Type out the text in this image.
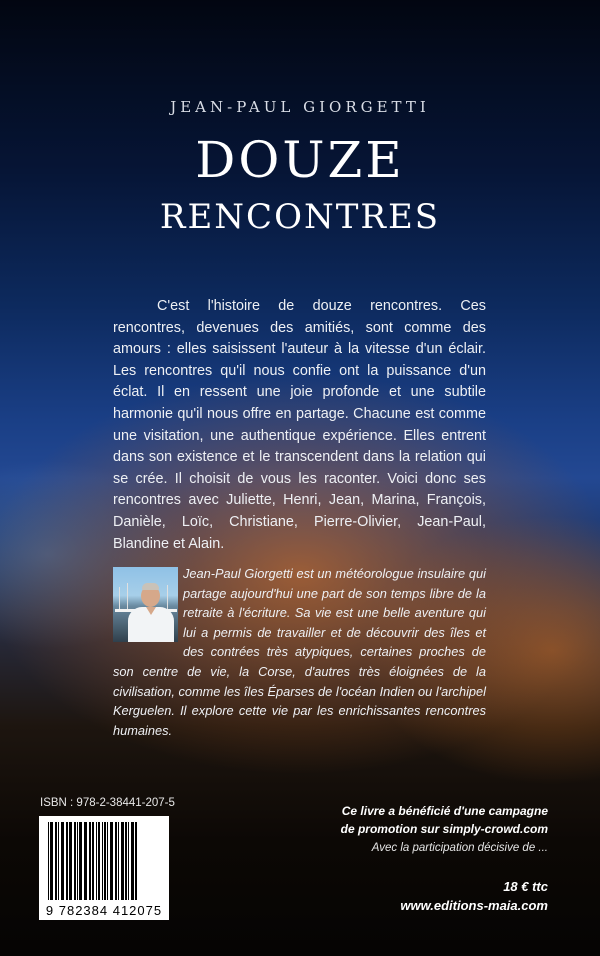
JEAN-PAUL GIORGETTI
DOUZE
RENCONTRES

C'est l'histoire de douze rencontres. Ces rencontres, devenues des amitiés, sont comme des amours : elles saisissent l'auteur à la vitesse d'un éclair. Les rencontres qu'il nous confie ont la puissance d'un éclat. Il en ressent une joie profonde et une subtile harmonie qu'il nous offre en partage. Chacune est comme une visitation, une authentique expérience. Elles entrent dans son existence et le transcendent dans la relation qui se crée. Il choisit de vous les raconter. Voici donc ses rencontres avec Juliette, Henri, Jean, Marina, François, Danièle, Loïc, Christiane, Pierre-Olivier, Jean-Paul, Blandine et Alain.

Jean-Paul Giorgetti est un météorologue insulaire qui partage aujourd'hui une part de son temps libre de la retraite à l'écriture. Sa vie est une belle aventure qui lui a permis de travailler et de découvrir des îles et des contrées très atypiques, certaines proches de son centre de vie, la Corse, d'autres très éloignées de la civilisation, comme les îles Éparses de l'océan Indien ou l'archipel Kerguelen. Il explore cette vie par les enrichissantes rencontres humaines.

ISBN : 978-2-38441-207-5
9 782384 412075
Ce livre a bénéficié d'une campagne
de promotion sur simply-crowd.com
Avec la participation décisive de ...
18 € ttc
www.editions-maia.com
